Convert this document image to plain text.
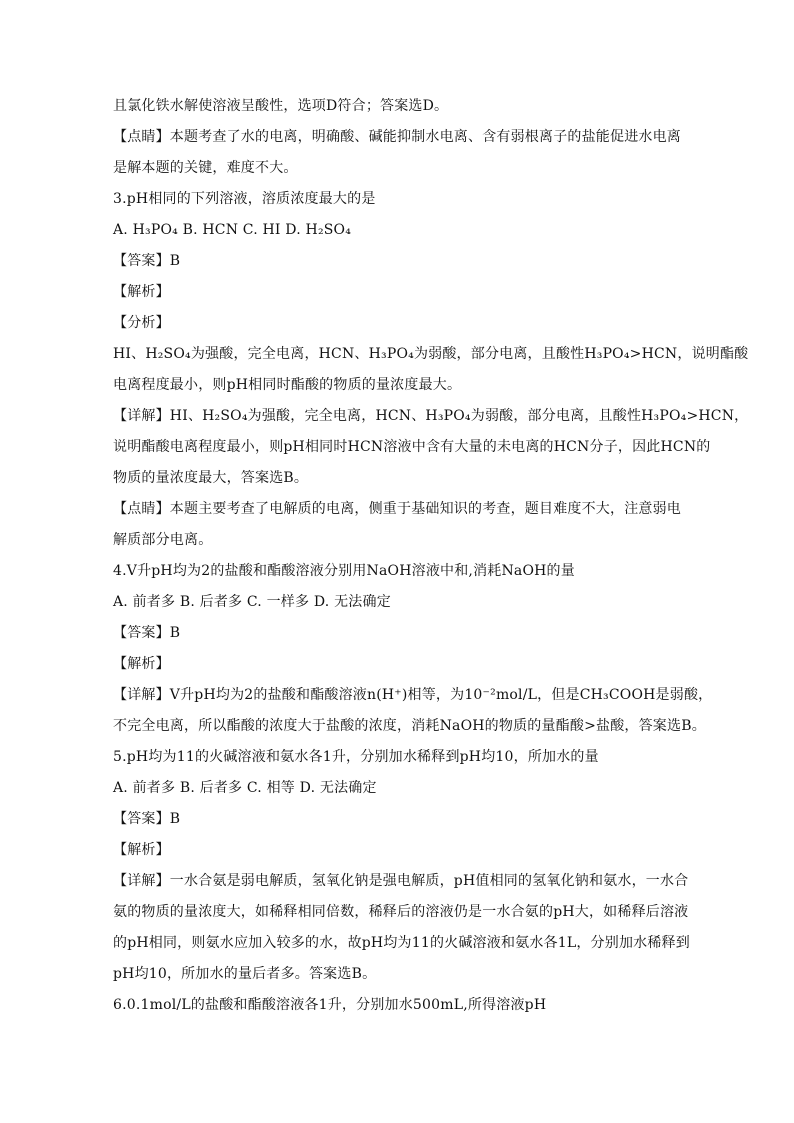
且氯化铁水解使溶液呈酸性，选项D符合；答案选D。
【点睛】本题考查了水的电离，明确酸、碱能抑制水电离、含有弱根离子的盐能促进水电离
是解本题的关键，难度不大。
3.pH相同的下列溶液，溶质浓度最大的是
A. H₃PO₄ B. HCN C. HI D. H₂SO₄
【答案】B
【解析】
【分析】
HI、H₂SO₄为强酸，完全电离，HCN、H₃PO₄为弱酸，部分电离，且酸性H₃PO₄>HCN，说明酯酸
电离程度最小，则pH相同时酯酸的物质的量浓度最大。
【详解】HI、H₂SO₄为强酸，完全电离，HCN、H₃PO₄为弱酸，部分电离，且酸性H₃PO₄>HCN，
说明酯酸电离程度最小，则pH相同时HCN溶液中含有大量的未电离的HCN分子，因此HCN的
物质的量浓度最大，答案选B。
【点睛】本题主要考查了电解质的电离，侧重于基础知识的考查，题目难度不大，注意弱电
解质部分电离。
4.V升pH均为2的盐酸和酯酸溶液分别用NaOH溶液中和,消耗NaOH的量
A. 前者多 B. 后者多 C. 一样多 D. 无法确定
【答案】B
【解析】
【详解】V升pH均为2的盐酸和酯酸溶液n(H⁺)相等，为10⁻²mol/L，但是CH₃COOH是弱酸，
不完全电离，所以酯酸的浓度大于盐酸的浓度，消耗NaOH的物质的量酯酸>盐酸，答案选B。
5.pH均为11的火碱溶液和氨水各1升，分别加水稀释到pH均10，所加水的量
A. 前者多 B. 后者多 C. 相等 D. 无法确定
【答案】B
【解析】
【详解】一水合氨是弱电解质，氢氧化钠是强电解质，pH值相同的氢氧化钠和氨水，一水合
氨的物质的量浓度大，如稀释相同倍数，稀释后的溶液仍是一水合氨的pH大，如稀释后溶液
的pH相同，则氨水应加入较多的水，故pH均为11的火碱溶液和氨水各1L，分别加水稀释到
pH均10，所加水的量后者多。答案选B。
6.0.1mol/L的盐酸和酯酸溶液各1升，分别加水500mL,所得溶液pH
